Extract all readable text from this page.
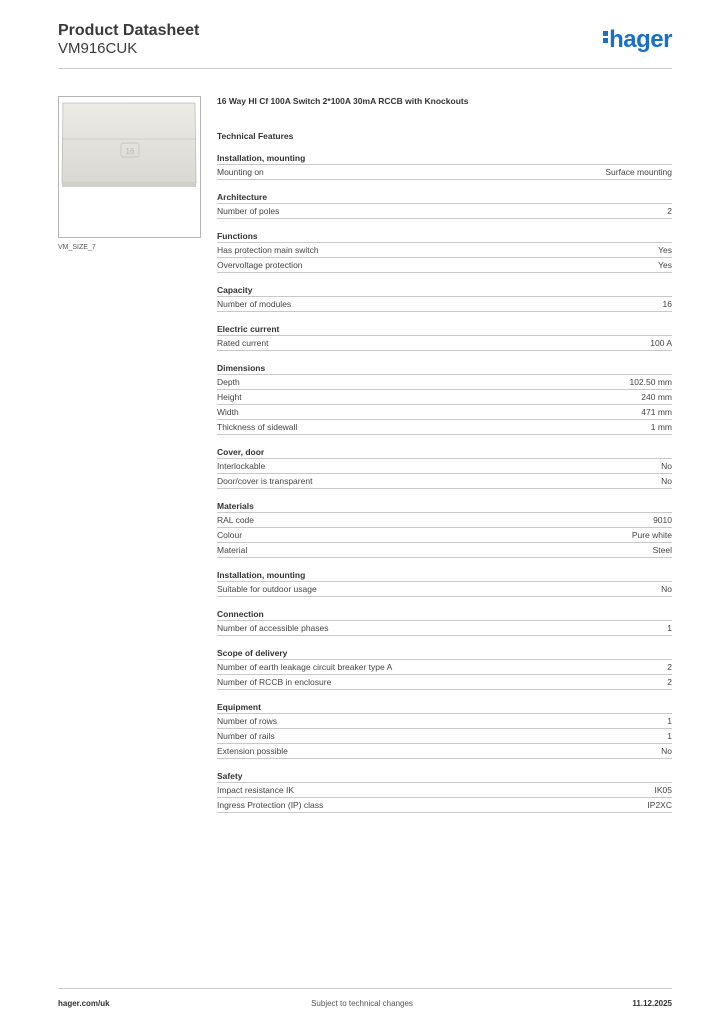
Product Datasheet
VM916CUK	hager
16
VM_SIZE_7
16 Way HI Cf 100A Switch 2*100A 30mA RCCB with Knockouts
Technical Features
Installation, mounting
Mounting on	Surface mounting
Architecture
Number of poles	2
Functions
Has protection main switch	Yes
Overvoltage protection	Yes
Capacity
Number of modules	16
Electric current
Rated current	100 A
Dimensions
Depth	102.50 mm
Height	240 mm
Width	471 mm
Thickness of sidewall	1 mm
Cover, door
Interlockable	No
Door/cover is transparent	No
Materials
RAL code	9010
Colour	Pure white
Material	Steel
Installation, mounting
Suitable for outdoor usage	No
Connection
Number of accessible phases	1
Scope of delivery
Number of earth leakage circuit breaker type A	2
Number of RCCB in enclosure	2
Equipment
Number of rows	1
Number of rails	1
Extension possible	No
Safety
Impact resistance IK	IK05
Ingress Protection (IP) class	IP2XC
hager.com/uk	Subject to technical changes	11.12.2025
